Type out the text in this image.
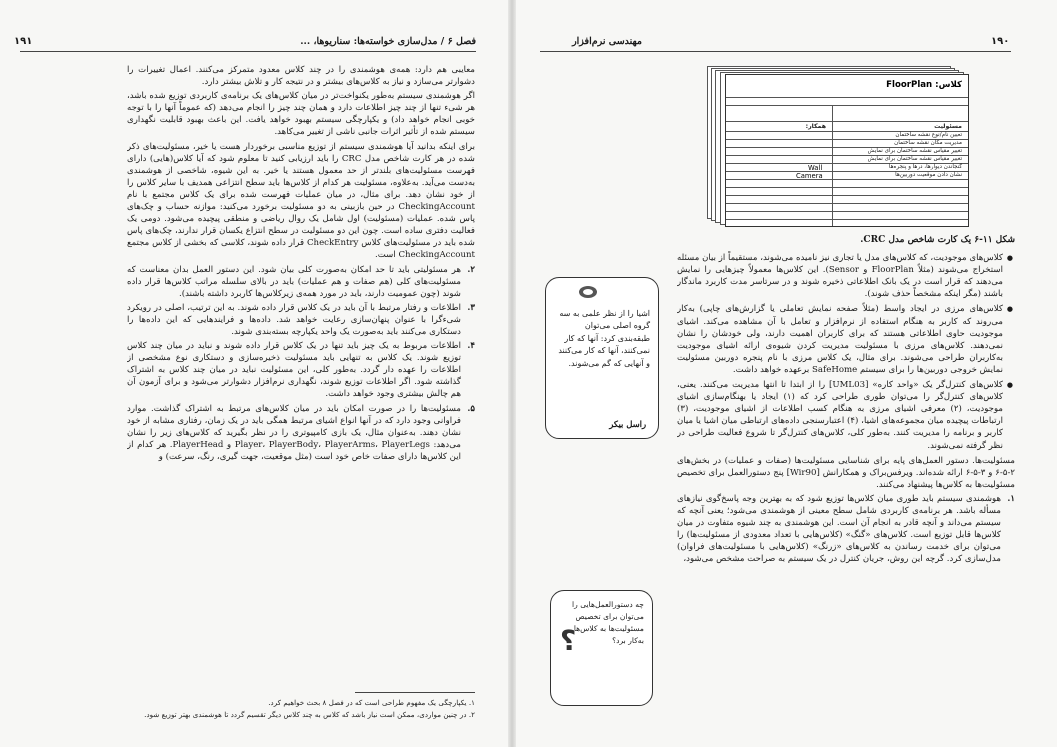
۱۹۱	فصل ۶ / مدل‌سازی خواسته‌ها: سناریوها، ...

معایبی هم دارد: همه‌ی هوشمندی را در چند کلاس معدود متمرکز می‌کنند. اعمال تغییرات را دشوارتر می‌سازد و نیاز به کلاس‌های بیشتر و در نتیجه کار و تلاش بیشتر دارد.

اگر هوشمندی سیستم به‌طور یکنواخت‌تر در میان کلاس‌های یک برنامه‌ی کاربردی توزیع شده باشد، هر شیء تنها از چند چیز اطلاعات دارد و همان چند چیز را انجام می‌دهد (که عموماً آنها را با توجه خوبی انجام خواهد داد) و یکپارچگی سیستم بهبود خواهد یافت. این باعث بهبود قابلیت نگهداری سیستم شده از تأثیر اثرات جانبی ناشی از تغییر می‌کاهد.

برای اینکه بدانید آیا هوشمندی سیستم از توزیع مناسبی برخوردار هست یا خیر، مسئولیت‌های ذکر شده در هر کارت شاخص مدل CRC را باید ارزیابی کنید تا معلوم شود که آیا کلاس(هایی) دارای فهرست مسئولیت‌های بلندتر از حد معمول هستند یا خیر. به این شیوه، شاخصی از هوشمندی به‌دست می‌آید. به‌علاوه، مسئولیت هر کدام از کلاس‌ها باید سطح انتزاعی همدیف با سایر کلاس را از خود نشان دهد. برای مثال، در میان عملیات فهرست شده برای یک کلاس مجتمع با نام CheckingAccount در حین بازبینی به دو مسئولیت برخورد می‌کنید: موازنه حساب و چک‌های پاس شده. عملیات (مسئولیت) اول شامل یک روال ریاضی و منطقی پیچیده می‌شود. دومی یک فعالیت دفتری ساده است. چون این دو مسئولیت در سطح انتزاع یکسان قرار ندارند، چک‌های پاس شده باید در مسئولیت‌های کلاس CheckEntry قرار داده شوند، کلاسی که بخشی از کلاس مجتمع CheckingAccount است.

۲.
هر مسئولیتی باید تا حد امکان به‌صورت کلی بیان شود. این دستور العمل بدان معناست که مسئولیت‌های کلی (هم صفات و هم عملیات) باید در بالای سلسله مراتب کلاس‌ها قرار داده شوند (چون عمومیت دارند، باید در مورد همه‌ی زیرکلاس‌ها کاربرد داشته باشند).
۳.
اطلاعات و رفتار مرتبط با آن باید در یک کلاس قرار داده شوند. به این ترتیب، اصلی در رویکرد شیءگرا با عنوان پنهان‌سازی رعایت خواهد شد. داده‌ها و فرایندهایی که این داده‌ها را دستکاری می‌کنند باید به‌صورت یک واحد یکپارچه بسته‌بندی شوند.
۴.
اطلاعات مربوط به یک چیز باید تنها در یک کلاس قرار داده شوند و نباید در میان چند کلاس توزیع شوند. یک کلاس به تنهایی باید مسئولیت ذخیره‌سازی و دستکاری نوع مشخصی از اطلاعات را عهده دار گردد. به‌طور کلی، این مسئولیت نباید در میان چند کلاس به اشتراک گذاشته شود. اگر اطلاعات توزیع شوند، نگهداری نرم‌افزار دشوارتر می‌شود و برای آزمون آن هم چالش بیشتری وجود خواهد داشت.
۵.
مسئولیت‌ها را در صورت امکان باید در میان کلاس‌های مرتبط به اشتراک گذاشت. موارد فراوانی وجود دارد که در آنها انواع اشیای مرتبط همگی باید در یک زمان، رفتاری مشابه از خود نشان دهند. به‌عنوان مثال، یک بازی کامپیوتری را در نظر بگیرید که کلاس‌های زیر را نشان می‌دهد: Player، PlayerBody، PlayerArms، PlayerLegs و PlayerHead. هر کدام از این کلاس‌ها دارای صفات خاص خود است (مثل موقعیت، جهت گیری، رنگ، سرعت) و
۱. یکپارچگی یک مفهوم طراحی است که در فصل ۸ بحث خواهیم کرد.
۲. در چنین مواردی، ممکن است نیاز باشد که کلاس به چند کلاس دیگر تقسیم گردد تا هوشمندی بهتر توزیع شود.
۱۹۰
مهندسی نرم‌افزار
اشیا را از نظر علمی به سه گروه اصلی می‌توان طبقه‌بندی کرد: آنها که کار نمی‌کنند، آنها که کار می‌کنند و آنهایی که گم می‌شوند.
راسل بیکر
چه دستورالعمل‌هایی را می‌توان برای تخصیص مسئولیت‌ها به کلاس‌ها به‌کار برد؟
؟
شکل ۱۱-۶ یک کارت شاخص مدل CRC.
●
کلاس‌های موجودیت، که کلاس‌های مدل یا تجاری نیز نامیده می‌شوند، مستقیماً از بیان مسئله استخراج می‌شوند (مثلاً FloorPlan و Sensor). این کلاس‌ها معمولاً چیزهایی را نمایش می‌دهند که قرار است در یک بانک اطلاعاتی ذخیره شوند و در سرتاسر مدت کاربرد ماندگار باشند (مگر اینکه مشخصاً حذف شوند).
●
کلاس‌های مرزی در ایجاد واسط (مثلاً صفحه نمایش تعاملی یا گزارش‌های چاپی) به‌کار می‌روند که کاربر به هنگام استفاده از نرم‌افزار و تعامل با آن مشاهده می‌کند. اشیای موجودیت حاوی اطلاعاتی هستند که برای کاربران اهمیت دارند، ولی خودشان را نشان نمی‌دهند. کلاس‌های مرزی با مسئولیت مدیریت کردن شیوه‌ی ارائه اشیای موجودیت به‌کاربران طراحی می‌شوند. برای مثال، یک کلاس مرزی با نام پنجره دوربین مسئولیت نمایش خروجی دوربین‌ها را برای سیستم SafeHome برعهده خواهد داشت.
●
کلاس‌های کنترل‌گر یک «واحد کاره» [UML03] را از ابتدا تا انتها مدیریت می‌کنند. یعنی، کلاس‌های کنترل‌گر را می‌توان طوری طراحی کرد که (۱) ایجاد یا بهنگام‌سازی اشیای موجودیت، (۲) معرفی اشیای مرزی به هنگام کسب اطلاعات از اشیای موجودیت، (۳) ارتباطات پیچیده میان مجموعه‌های اشیا، (۴) اعتبارسنجی داده‌های ارتباطی میان اشیا یا میان کاربر و برنامه را مدیریت کنند. به‌طور کلی، کلاس‌های کنترل‌گر تا شروع فعالیت طراحی در نظر گرفته نمی‌شوند.

مسئولیت‌ها. دستور العمل‌های پایه برای شناسایی مسئولیت‌ها (صفات و عملیات) در بخش‌های ۲-۵-۶ و ۳-۵-۶ ارائه شده‌اند. ویرفس‌براک و همکارانش [Wir90] پنج دستورالعمل برای تخصیص مسئولیت‌ها به کلاس‌ها پیشنهاد می‌کنند.

۱.
هوشمندی سیستم باید طوری میان کلاس‌ها توزیع شود که به بهترین وجه پاسخ‌گوی نیازهای مسأله باشد. هر برنامه‌ی کاربردی شامل سطح معینی از هوشمندی می‌شود؛ یعنی آنچه که سیستم می‌داند و آنچه قادر به انجام آن است. این هوشمندی به چند شیوه متفاوت در میان کلاس‌ها قابل توزیع است. کلاس‌های «گنگ» (کلاس‌هایی با تعداد معدودی از مسئولیت‌ها) را می‌توان برای خدمت رساندن به کلاس‌های «زرنگ» (کلاس‌هایی با مسئولیت‌های فراوان) مدل‌سازی کرد. گرچه این روش، جریان کنترل در یک سیستم به صراحت مشخص می‌شود،
کلاس: FloorPlan
مسئولیت
همکار:
تعیین نام/نوع نقشه ساختمان
مدیریت مکان نقشه ساختمان
تغییر مقیاس نقشه ساختمان برای نمایش
تغییر مقیاس نقشه ساختمان برای نمایش
گنجاندن دیوارها، درها و پنجره‌ها
نشان دادن موقعیت دوربین‌ها
Wall
Camera
